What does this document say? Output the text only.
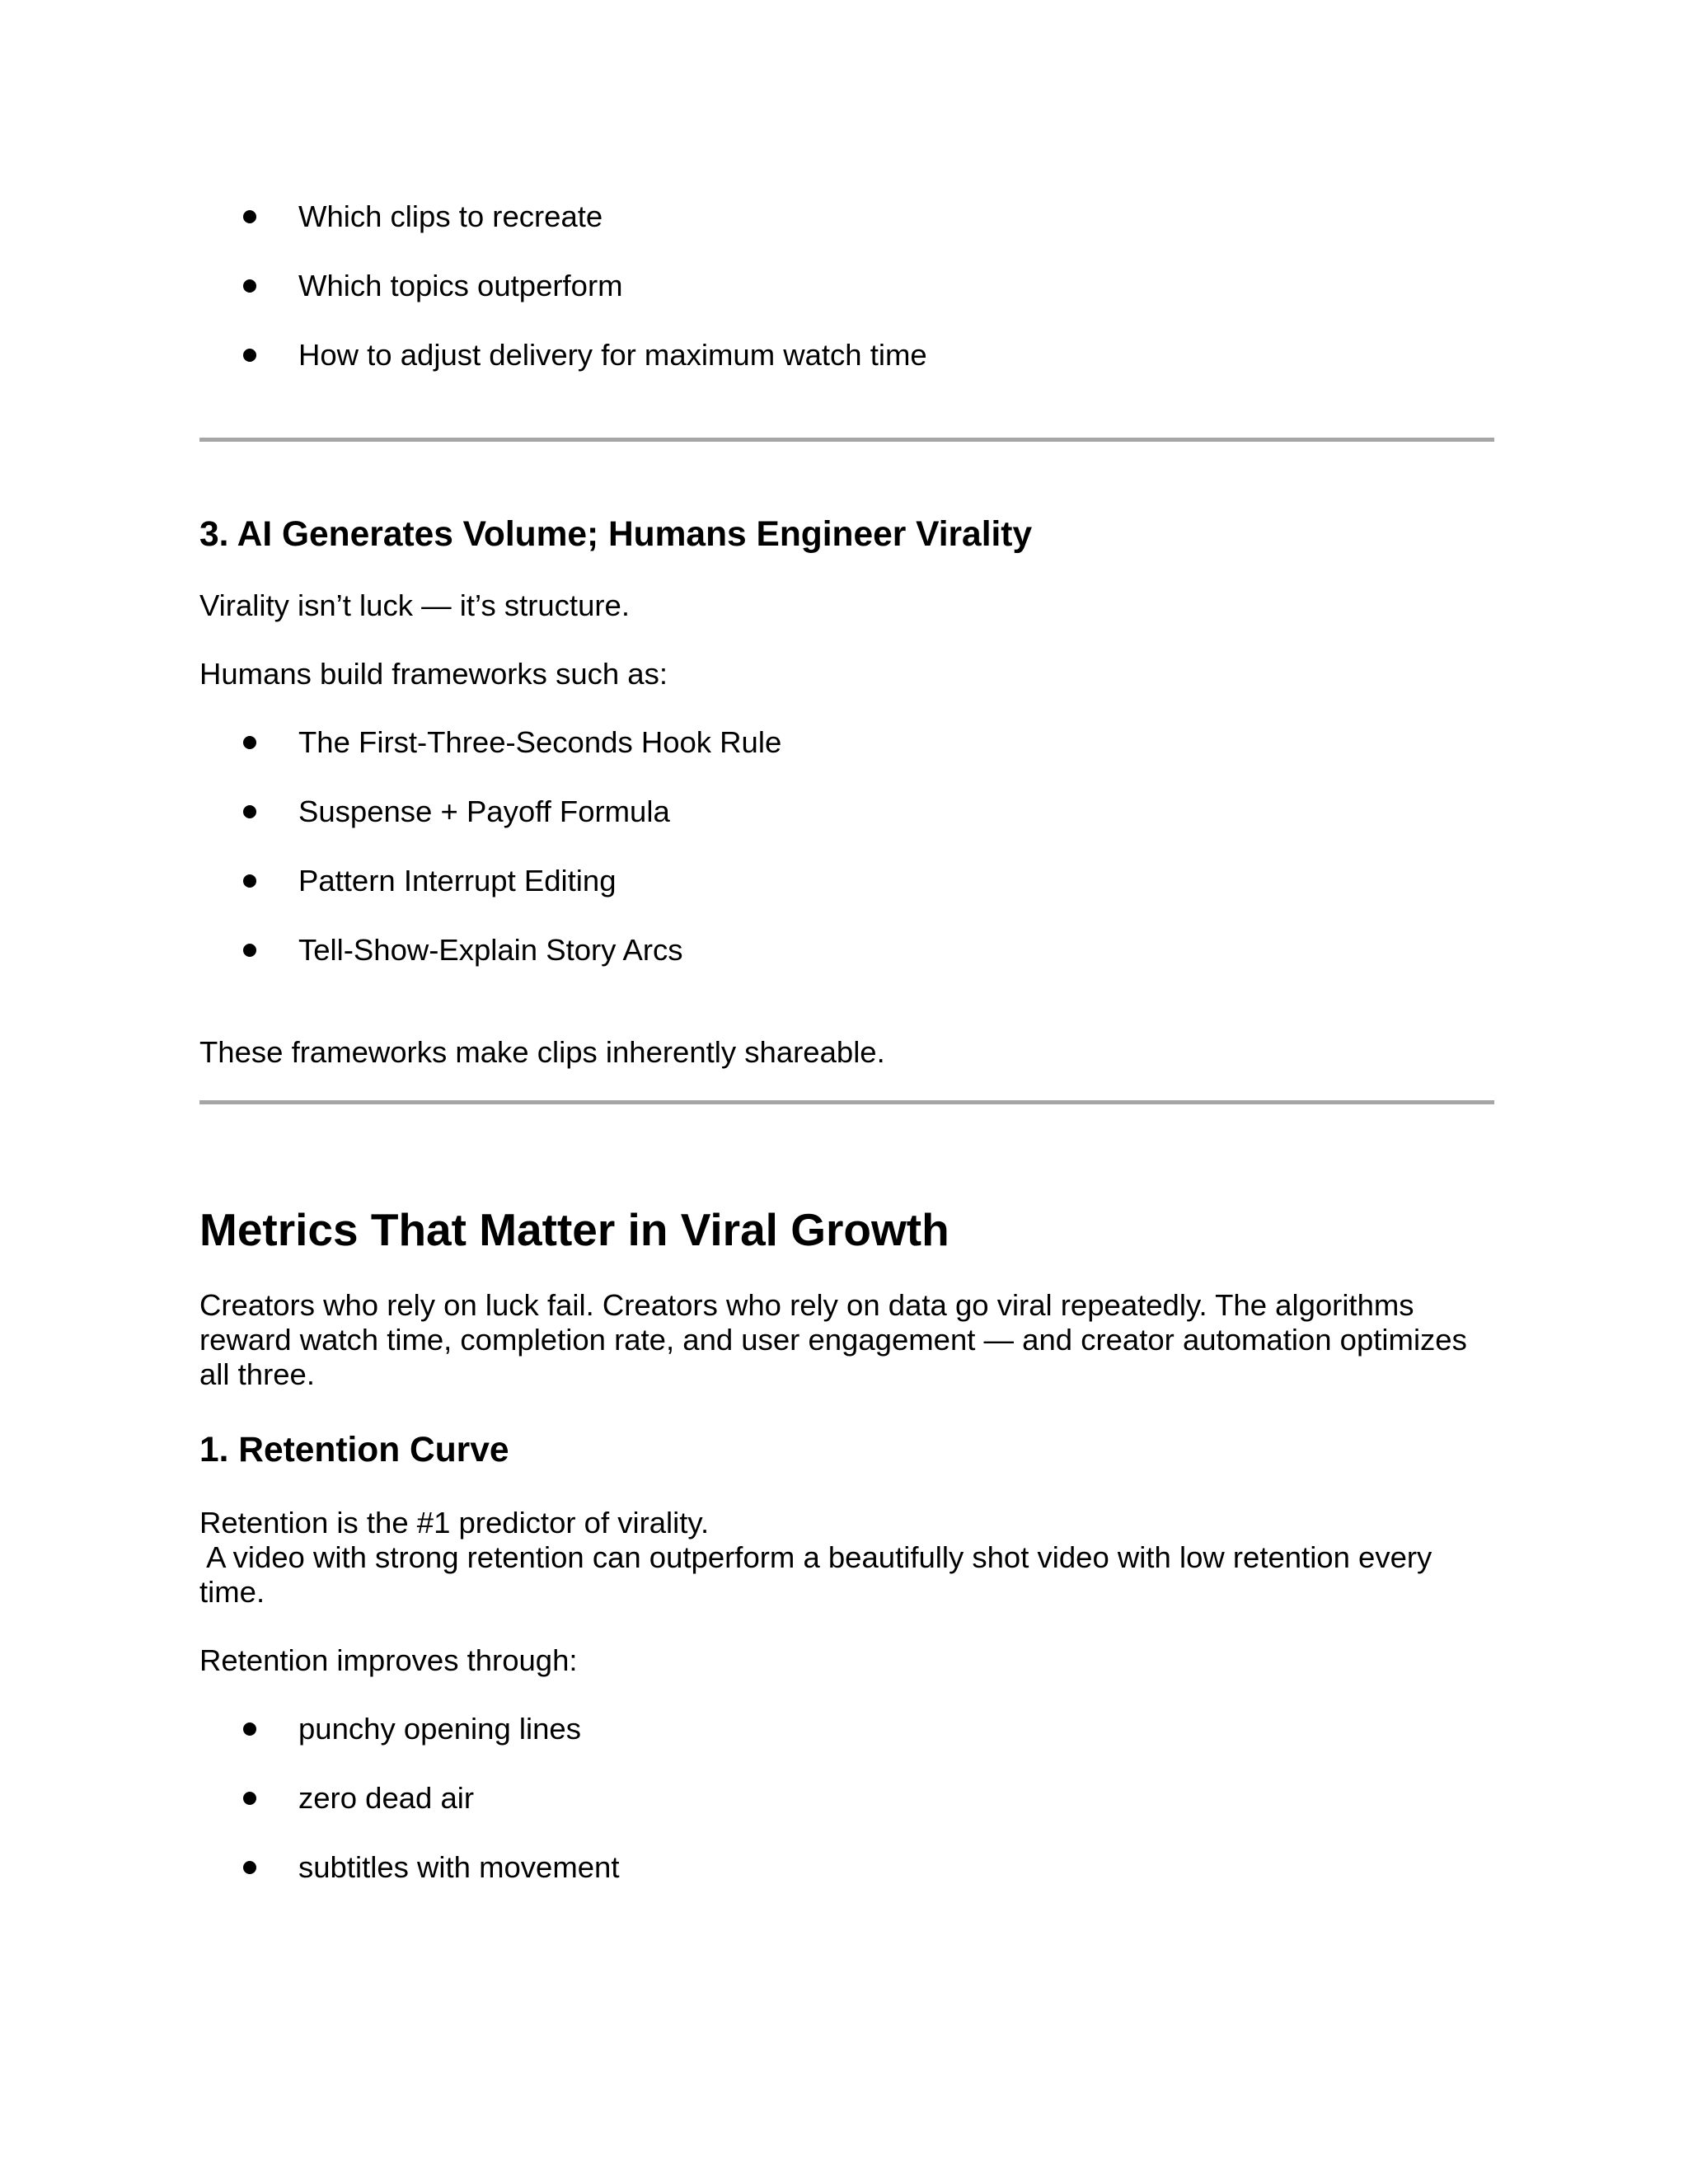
Which clips to recreate
Which topics outperform
How to adjust delivery for maximum watch time
3. AI Generates Volume; Humans Engineer Virality

Virality isn’t luck — it’s structure.

Humans build frameworks such as:

The First-Three-Seconds Hook Rule
Suspense + Payoff Formula
Pattern Interrupt Editing
Tell-Show-Explain Story Arcs

These frameworks make clips inherently shareable.

Metrics That Matter in Viral Growth

Creators who rely on luck fail. Creators who rely on data go viral repeatedly. The algorithms

reward watch time, completion rate, and user engagement — and creator automation optimizes

all three.

1. Retention Curve

Retention is the #1 predictor of virality.

A video with strong retention can outperform a beautifully shot video with low retention every

time.

Retention improves through:

punchy opening lines
zero dead air
subtitles with movement
